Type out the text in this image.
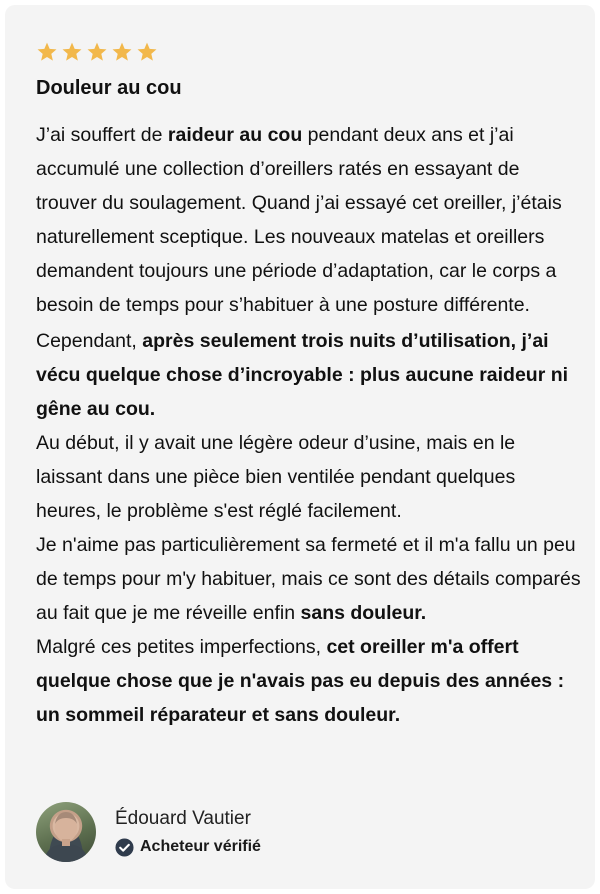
Douleur au cou

J’ai souffert de raideur au cou pendant deux ans et j’ai accumulé une collection d’oreillers ratés en essayant de trouver du soulagement. Quand j’ai essayé cet oreiller, j’étais naturellement sceptique. Les nouveaux matelas et oreillers demandent toujours une période d’adaptation, car le corps a besoin de temps pour s’habituer à une posture différente.

Cependant, après seulement trois nuits d’utilisation, j’ai vécu quelque chose d’incroyable : plus aucune raideur ni gêne au cou.

Au début, il y avait une légère odeur d’usine, mais en le laissant dans une pièce bien ventilée pendant quelques heures, le problème s'est réglé facilement.

Je n'aime pas particulièrement sa fermeté et il m'a fallu un peu de temps pour m'y habituer, mais ce sont des détails comparés au fait que je me réveille enfin sans douleur.

Malgré ces petites imperfections, cet oreiller m'a offert quelque chose que je n'avais pas eu depuis des années : un sommeil réparateur et sans douleur.

Édouard Vautier
Acheteur vérifié
